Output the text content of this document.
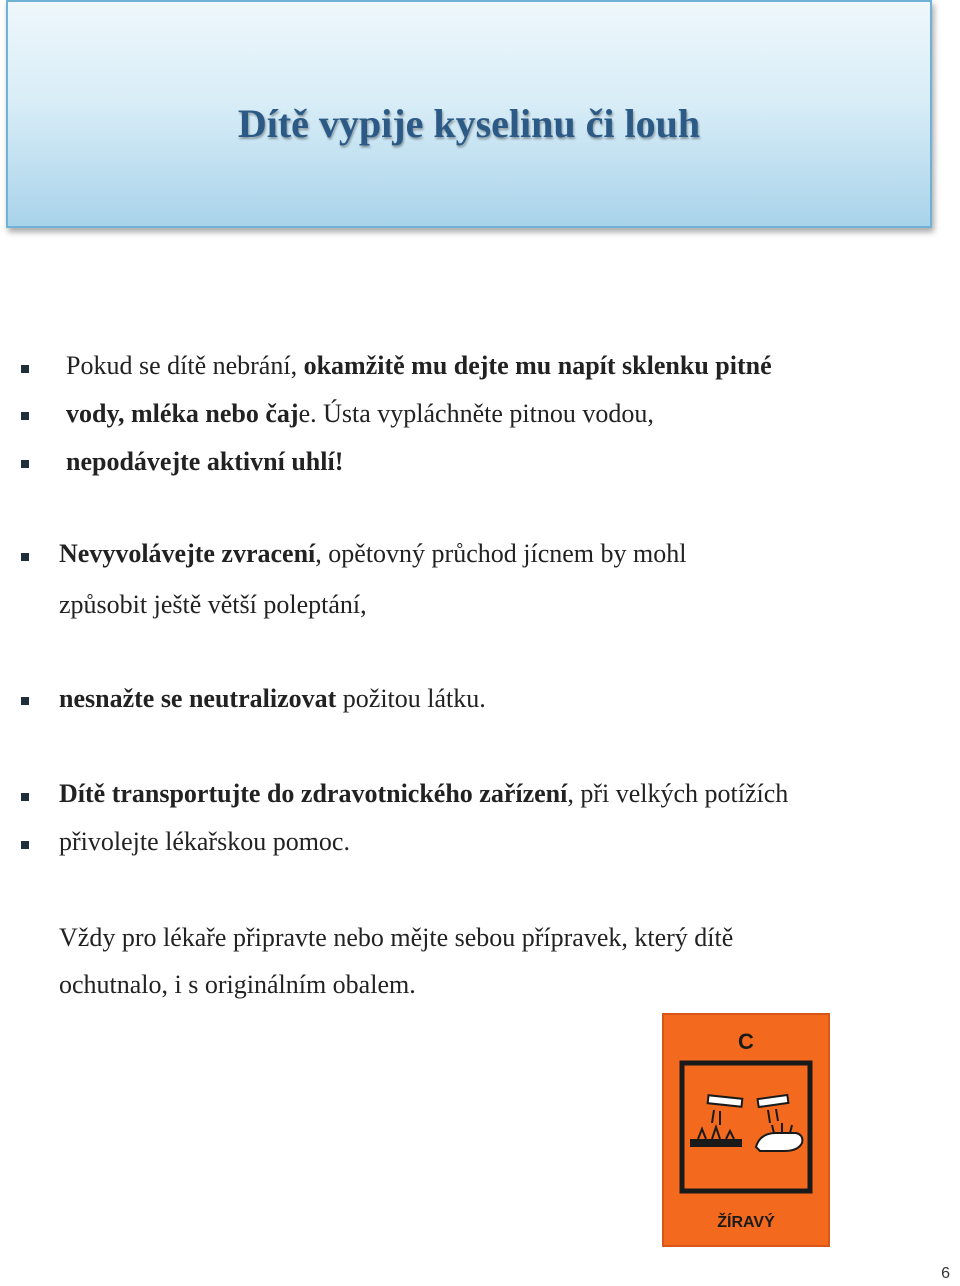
Dítě vypije kyselinu či louh
Pokud se dítě nebrání, okamžitě mu dejte mu napít sklenku pitné
vody, mléka nebo čaje. Ústa vypláchněte pitnou vodou,
nepodávejte aktivní uhlí!
Nevyvolávejte zvracení, opětovný průchod jícnem by mohl
způsobit ještě větší poleptání,
nesnažte se neutralizovat požitou látku.
Dítě transportujte do zdravotnického zařízení, při velkých potížích
přivolejte lékařskou pomoc.
Vždy pro lékaře připravte nebo mějte sebou přípravek, který dítě
ochutnalo, i s originálním obalem.
C
ŽÍRAVÝ
6
